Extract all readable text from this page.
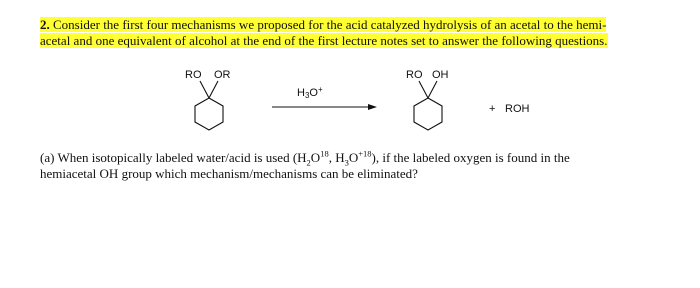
2. Consider the first four mechanisms we proposed for the acid catalyzed hydrolysis of an acetal to the hemi-
acetal and one equivalent of alcohol at the end of the first lecture notes set to answer the following questions.
RO OR
H3O+
RO OH
+ ROH
(a) When isotopically labeled water/acid is used ($H_2O^{18}$, $H_3O^{+18}$), if the labeled oxygen is found in the
hemiacetal OH group which mechanism/mechanisms can be eliminated?
